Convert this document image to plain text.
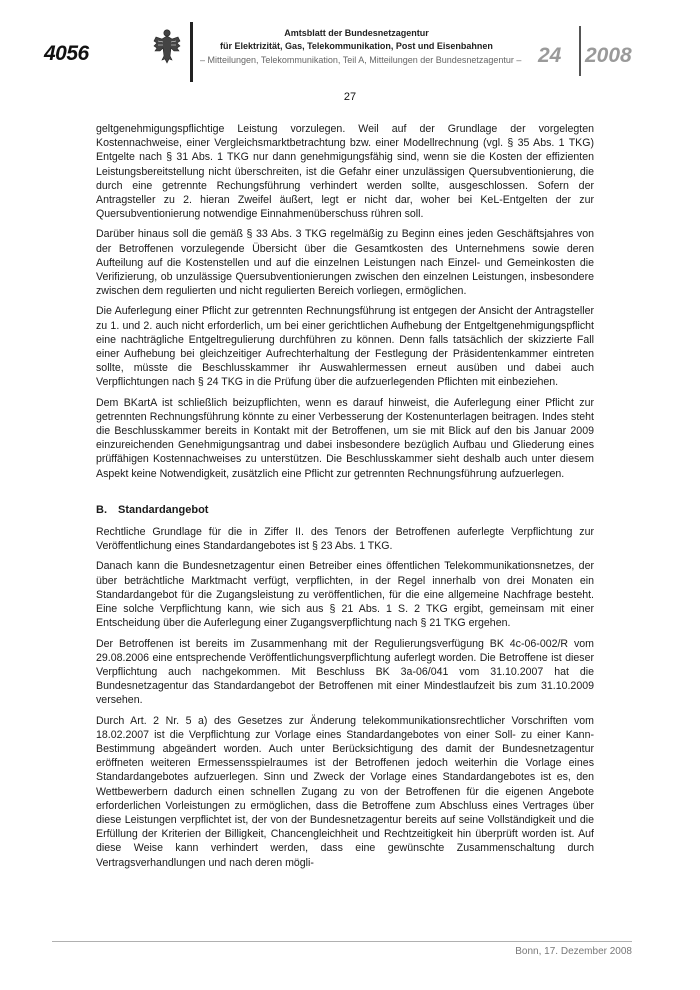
4056
Amtsblatt der Bundesnetzagentur
für Elektrizität, Gas, Telekommunikation, Post und Eisenbahnen
– Mitteilungen, Telekommunikation, Teil A, Mitteilungen der Bundesnetzagentur – 24 2008
27

geltgenehmigungspflichtige Leistung vorzulegen. Weil auf der Grundlage der vorgelegten Kostennachweise, einer Vergleichsmarktbetrachtung bzw. einer Modellrechnung (vgl. § 35 Abs. 1 TKG) Entgelte nach § 31 Abs. 1 TKG nur dann genehmigungsfähig sind, wenn sie die Kosten der effizienten Leistungsbereitstellung nicht überschreiten, ist die Gefahr einer unzulässigen Quersubventionierung, die durch eine getrennte Rechungsführung verhindert werden sollte, ausgeschlossen. Sofern der Antragsteller zu 2. hieran Zweifel äußert, legt er nicht dar, woher bei KeL-Entgelten der zur Quersubventionierung notwendige Einnahmenüberschuss rühren soll.

Darüber hinaus soll die gemäß § 33 Abs. 3 TKG regelmäßig zu Beginn eines jeden Geschäftsjahres von der Betroffenen vorzulegende Übersicht über die Gesamtkosten des Unternehmens sowie deren Aufteilung auf die Kostenstellen und auf die einzelnen Leistungen nach Einzel- und Gemeinkosten die Verifizierung, ob unzulässige Quersubventionierungen zwischen den einzelnen Leistungen, insbesondere zwischen dem regulierten und nicht regulierten Bereich vorliegen, ermöglichen.

Die Auferlegung einer Pflicht zur getrennten Rechnungsführung ist entgegen der Ansicht der Antragsteller zu 1. und 2. auch nicht erforderlich, um bei einer gerichtlichen Aufhebung der Entgeltgenehmigungspflicht eine nachträgliche Entgeltregulierung durchführen zu können. Denn falls tatsächlich der skizzierte Fall einer Aufhebung bei gleichzeitiger Aufrechterhaltung der Festlegung der Präsidentenkammer eintreten sollte, müsste die Beschlusskammer ihr Auswahlermessen erneut ausüben und dabei auch Verpflichtungen nach § 24 TKG in die Prüfung über die aufzuerlegenden Pflichten mit einbeziehen.

Dem BKartA ist schließlich beizupflichten, wenn es darauf hinweist, die Auferlegung einer Pflicht zur getrennten Rechnungsführung könnte zu einer Verbesserung der Kostenunterlagen beitragen. Indes steht die Beschlusskammer bereits in Kontakt mit der Betroffenen, um sie mit Blick auf den bis Januar 2009 einzureichenden Genehmigungsantrag und dabei insbesondere bezüglich Aufbau und Gliederung eines prüffähigen Kostennachweises zu unterstützen. Die Beschlusskammer sieht deshalb auch unter diesem Aspekt keine Notwendigkeit, zusätzlich eine Pflicht zur getrennten Rechnungsführung aufzuerlegen.

B. Standardangebot

Rechtliche Grundlage für die in Ziffer II. des Tenors der Betroffenen auferlegte Verpflichtung zur Veröffentlichung eines Standardangebotes ist § 23 Abs. 1 TKG.

Danach kann die Bundesnetzagentur einen Betreiber eines öffentlichen Telekommunikationsnetzes, der über beträchtliche Marktmacht verfügt, verpflichten, in der Regel innerhalb von drei Monaten ein Standardangebot für die Zugangsleistung zu veröffentlichen, für die eine allgemeine Nachfrage besteht. Eine solche Verpflichtung kann, wie sich aus § 21 Abs. 1 S. 2 TKG ergibt, gemeinsam mit einer Entscheidung über die Auferlegung einer Zugangsverpflichtung nach § 21 TKG ergehen.

Der Betroffenen ist bereits im Zusammenhang mit der Regulierungsverfügung BK 4c-06-002/R vom 29.08.2006 eine entsprechende Veröffentlichungsverpflichtung auferlegt worden. Die Betroffene ist dieser Verpflichtung auch nachgekommen. Mit Beschluss BK 3a-06/041 vom 31.10.2007 hat die Bundesnetzagentur das Standardangebot der Betroffenen mit einer Mindestlaufzeit bis zum 31.10.2009 versehen.

Durch Art. 2 Nr. 5 a) des Gesetzes zur Änderung telekommunikationsrechtlicher Vorschriften vom 18.02.2007 ist die Verpflichtung zur Vorlage eines Standardangebotes von einer Soll- zu einer Kann-Bestimmung abgeändert worden. Auch unter Berücksichtigung des damit der Bundesnetzagentur eröffneten weiteren Ermessensspielraumes ist der Betroffenen jedoch weiterhin die Vorlage eines Standardangebotes aufzuerlegen. Sinn und Zweck der Vorlage eines Standardangebotes ist es, den Wettbewerbern dadurch einen schnellen Zugang zu von der Betroffenen für die eigenen Angebote erforderlichen Vorleistungen zu ermöglichen, dass die Betroffene zum Abschluss eines Vertrages über diese Leistungen verpflichtet ist, der von der Bundesnetzagentur bereits auf seine Vollständigkeit und die Erfüllung der Kriterien der Billigkeit, Chancengleichheit und Rechtzeitigkeit hin überprüft worden ist. Auf diese Weise kann verhindert werden, dass eine gewünschte Zusammenschaltung durch Vertragsverhandlungen und nach deren mögli-

Bonn, 17. Dezember 2008
